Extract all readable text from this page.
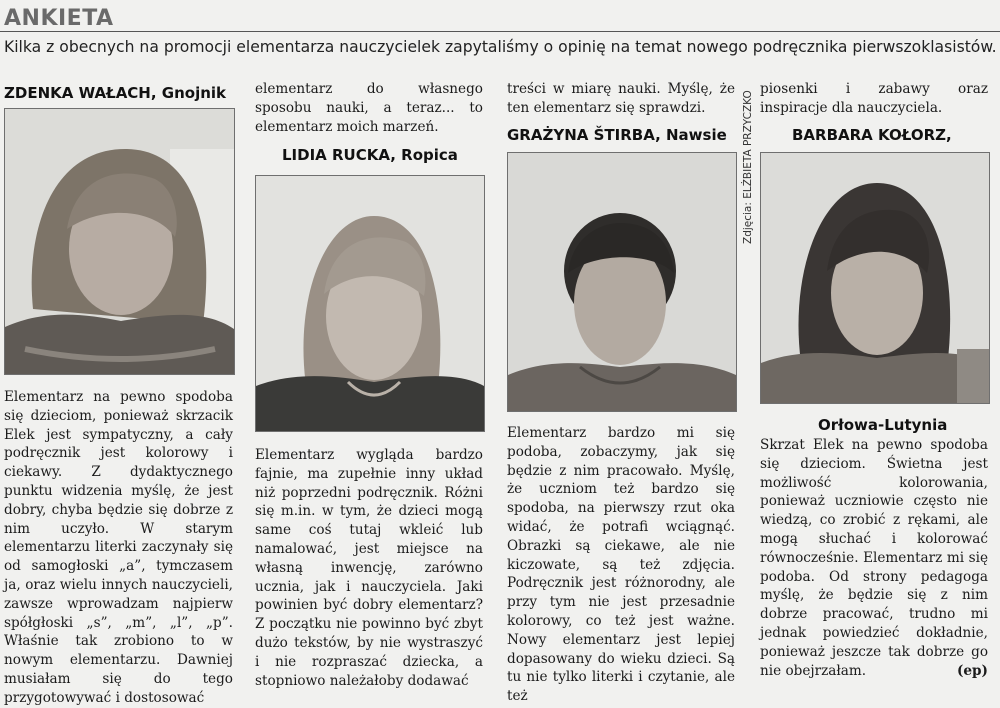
ANKIETA
Kilka z obecnych na promocji elementarza nauczycielek zapytaliśmy o opinię na temat nowego podręcznika pierwszoklasistów.
ZDENKA WAŁACH, Gnojnik

Elementarz na pewno spodoba się dzieciom, ponieważ skrzacik Elek jest sympatyczny, a cały podręcznik jest kolorowy i ciekawy. Z dydaktycznego punktu widzenia myślę, że jest dobry, chyba będzie się dobrze z nim uczyło. W starym elementarzu literki zaczynały się od samogłoski „a”, tymczasem ja, oraz wielu innych nauczycieli, zawsze wprowadzam najpierw spółgłoski „s”, „m”, „l”, „p”. Właśnie tak zrobiono to w nowym elementarzu. Dawniej musiałam się do tego przygotowywać i dostosować

elementarz do własnego sposobu nauki, a teraz... to elementarz moich marzeń.

LIDIA RUCKA, Ropica

Elementarz wygląda bardzo fajnie, ma zupełnie inny układ niż poprzedni podręcznik. Różni się m.in. w tym, że dzieci mogą same coś tutaj wkleić lub namalować, jest miejsce na własną inwencję, zarówno ucznia, jak i nauczyciela. Jaki powinien być dobry elementarz? Z początku nie powinno być zbyt dużo tekstów, by nie wystraszyć i nie rozpraszać dziecka, a stopniowo należałoby dodawać

treści w miarę nauki. Myślę, że ten elementarz się sprawdzi.

GRAŻYNA ŠTIRBA, Nawsie Zdjęcia: ELŻBIETA PRZYCZKO

Elementarz bardzo mi się podoba, zobaczymy, jak się będzie z nim pracowało. Myślę, że uczniom też bardzo się spodoba, na pierwszy rzut oka widać, że potrafi wciągnąć. Obrazki są ciekawe, ale nie kiczowate, są też zdjęcia. Podręcznik jest różnorodny, ale przy tym nie jest przesadnie kolorowy, co też jest ważne. Nowy elementarz jest lepiej dopasowany do wieku dzieci. Są tu nie tylko literki i czytanie, ale też

piosenki i zabawy oraz inspiracje dla nauczyciela.

BARBARA KOŁORZ,
Orłowa-Lutynia

Skrzat Elek na pewno spodoba się dzieciom. Świetna jest możliwość kolorowania, ponieważ uczniowie często nie wiedzą, co zrobić z rękami, ale mogą słuchać i kolorować równocześnie. Elementarz mi się podoba. Od strony pedagoga myślę, że będzie się z nim dobrze pracować, trudno mi jednak powiedzieć dokładnie, ponieważ jeszcze tak dobrze go nie obejrzałam.	(ep)
